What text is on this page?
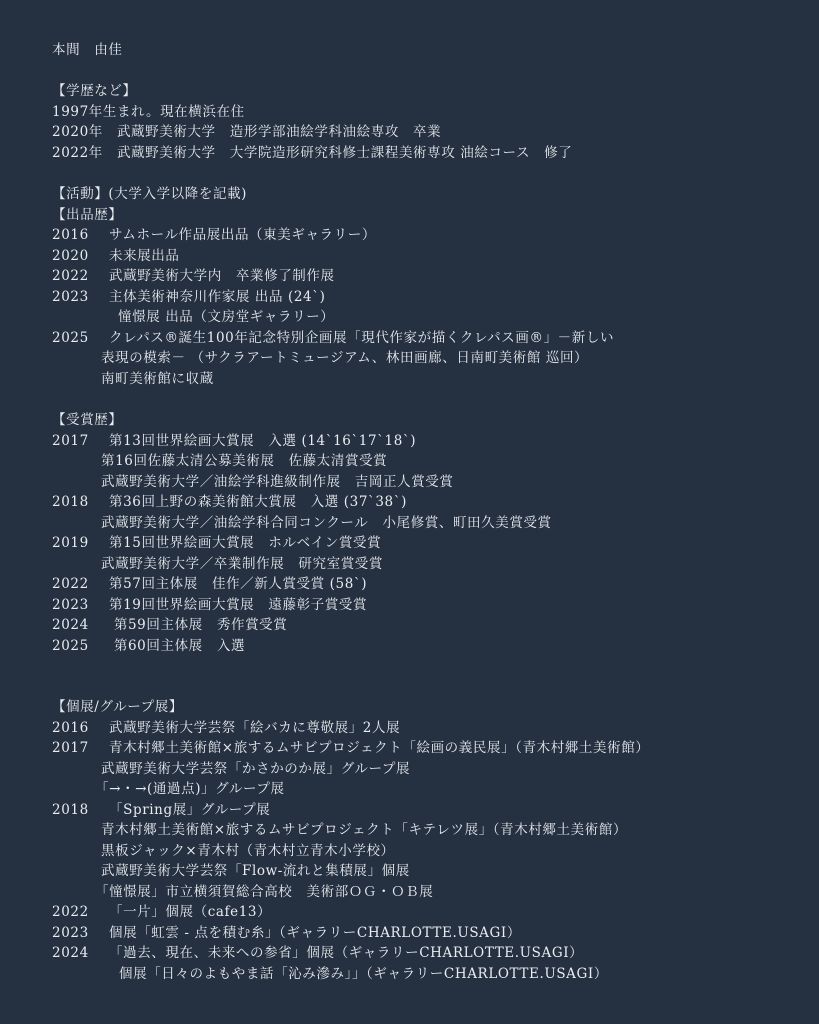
本間　由佳

【学歴など】

1997年生まれ。現在横浜在住

2020年　武蔵野美術大学　造形学部油絵学科油絵専攻　卒業

2022年　武蔵野美術大学　大学院造形研究科修士課程美術専攻 油絵コース　修了

【活動】(大学入学以降を記載)

【出品歴】

2016 サムホール作品展出品（東美ギャラリー）

2020 未来展出品

2022 武蔵野美術大学内　卒業修了制作展

2023 主体美術神奈川作家展 出品 (24`)

憧憬展 出品（文房堂ギャラリー）

2025 クレパス®誕生100年記念特別企画展「現代作家が描くクレパス画®」－新しい

表現の模索－ （サクラアートミュージアム、林田画廊、日南町美術館 巡回）

南町美術館に収蔵

【受賞歴】

2017 第13回世界絵画大賞展　入選 (14`16`17`18`)

第16回佐藤太清公募美術展　佐藤太清賞受賞

武蔵野美術大学／油絵学科進級制作展　吉岡正人賞受賞

2018 第36回上野の森美術館大賞展　入選 (37`38`)

武蔵野美術大学／油絵学科合同コンクール　小尾修賞、町田久美賞受賞

2019 第15回世界絵画大賞展　ホルベイン賞受賞

武蔵野美術大学／卒業制作展　研究室賞受賞

2022 第57回主体展　佳作／新人賞受賞 (58`)

2023 第19回世界絵画大賞展　遠藤彰子賞受賞

2024 第59回主体展　秀作賞受賞

2025 第60回主体展　入選

【個展/グループ展】

2016 武蔵野美術大学芸祭「絵バカに尊敬展」2人展

2017 青木村郷土美術館×旅するムサビプロジェクト「絵画の義民展」（青木村郷土美術館）

武蔵野美術大学芸祭「かさかのか展」グループ展

「→・→(通過点)」グループ展

2018 「Spring展」グループ展

青木村郷土美術館×旅するムサビプロジェクト「キテレツ展」（青木村郷土美術館）

黒板ジャック×青木村（青木村立青木小学校）

武蔵野美術大学芸祭「Flow-流れと集積展」個展

「憧憬展」市立横須賀総合高校　美術部ＯＧ・ＯＢ展

2022 「一片」個展（cafe13）

2023 個展「虹雲 - 点を積む糸」（ギャラリーCHARLOTTE.USAGI）

2024 「過去、現在、未来への参省」個展（ギャラリーCHARLOTTE.USAGI）

個展「日々のよもやま話「沁み滲み」」（ギャラリーCHARLOTTE.USAGI）
